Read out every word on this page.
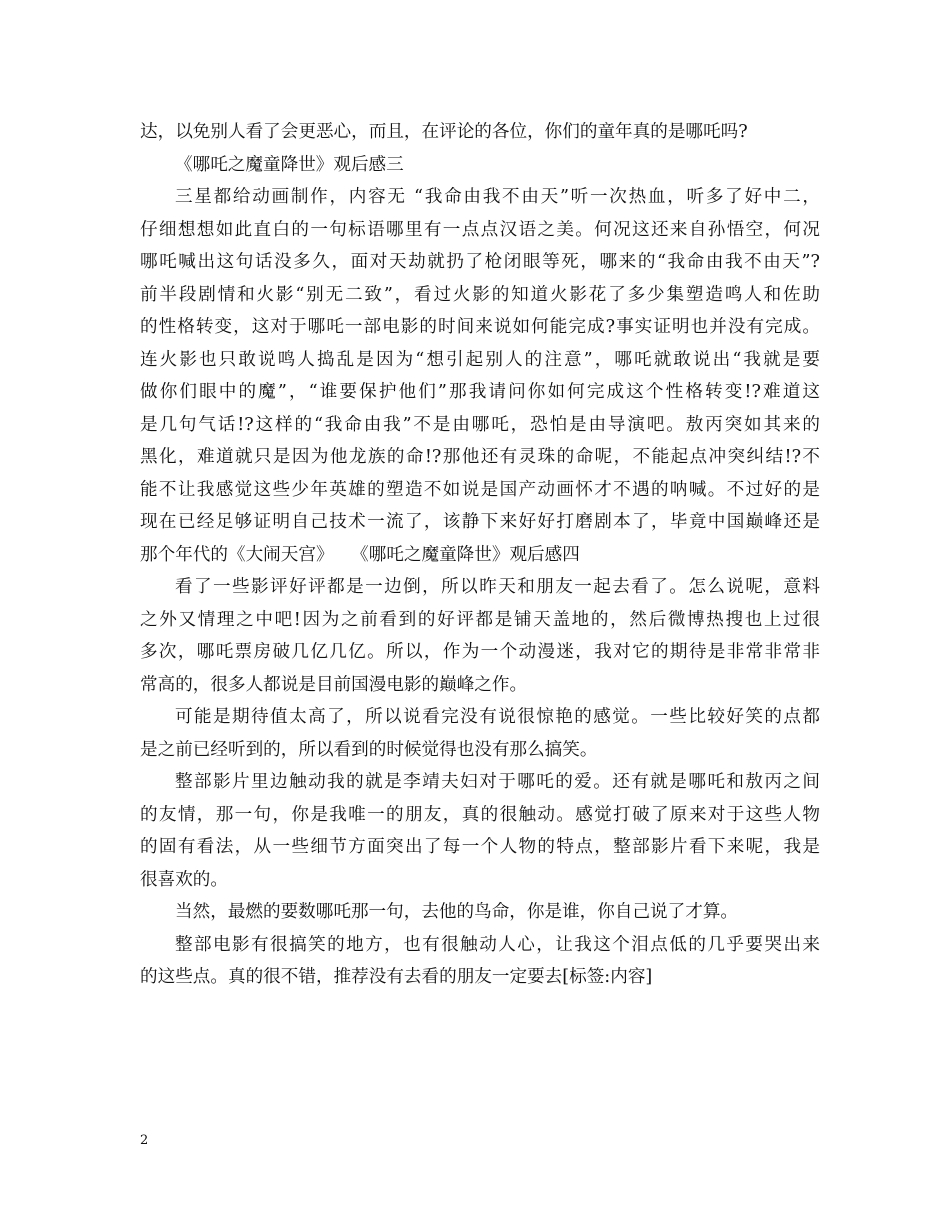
达，以免别人看了会更恶心，而且，在评论的各位，你们的童年真的是哪吒吗?
《哪吒之魔童降世》观后感三
三星都给动画制作，内容无 “我命由我不由天”听一次热血，听多了好中二，
仔细想想如此直白的一句标语哪里有一点点汉语之美。何况这还来自孙悟空，何况
哪吒喊出这句话没多久，面对天劫就扔了枪闭眼等死，哪来的“我命由我不由天”?
前半段剧情和火影“别无二致”，看过火影的知道火影花了多少集塑造鸣人和佐助
的性格转变，这对于哪吒一部电影的时间来说如何能完成?事实证明也并没有完成。
连火影也只敢说鸣人捣乱是因为“想引起别人的注意”，哪吒就敢说出“我就是要
做你们眼中的魔”，“谁要保护他们”那我请问你如何完成这个性格转变!?难道这
是几句气话!?这样的“我命由我”不是由哪吒，恐怕是由导演吧。敖丙突如其来的
黑化，难道就只是因为他龙族的命!?那他还有灵珠的命呢，不能起点冲突纠结!?不
能不让我感觉这些少年英雄的塑造不如说是国产动画怀才不遇的呐喊。不过好的是
现在已经足够证明自己技术一流了，该静下来好好打磨剧本了，毕竟中国巅峰还是
那个年代的《大闹天宫》　　《哪吒之魔童降世》观后感四
看了一些影评好评都是一边倒，所以昨天和朋友一起去看了。怎么说呢，意料
之外又情理之中吧!因为之前看到的好评都是铺天盖地的，然后微博热搜也上过很
多次，哪吒票房破几亿几亿。所以，作为一个动漫迷，我对它的期待是非常非常非
常高的，很多人都说是目前国漫电影的巅峰之作。
可能是期待值太高了，所以说看完没有说很惊艳的感觉。一些比较好笑的点都
是之前已经听到的，所以看到的时候觉得也没有那么搞笑。
整部影片里边触动我的就是李靖夫妇对于哪吒的爱。还有就是哪吒和敖丙之间
的友情，那一句，你是我唯一的朋友，真的很触动。感觉打破了原来对于这些人物
的固有看法，从一些细节方面突出了每一个人物的特点，整部影片看下来呢，我是
很喜欢的。
当然，最燃的要数哪吒那一句，去他的鸟命，你是谁，你自己说了才算。
整部电影有很搞笑的地方，也有很触动人心，让我这个泪点低的几乎要哭出来
的这些点。真的很不错，推荐没有去看的朋友一定要去[标签:内容]
2
